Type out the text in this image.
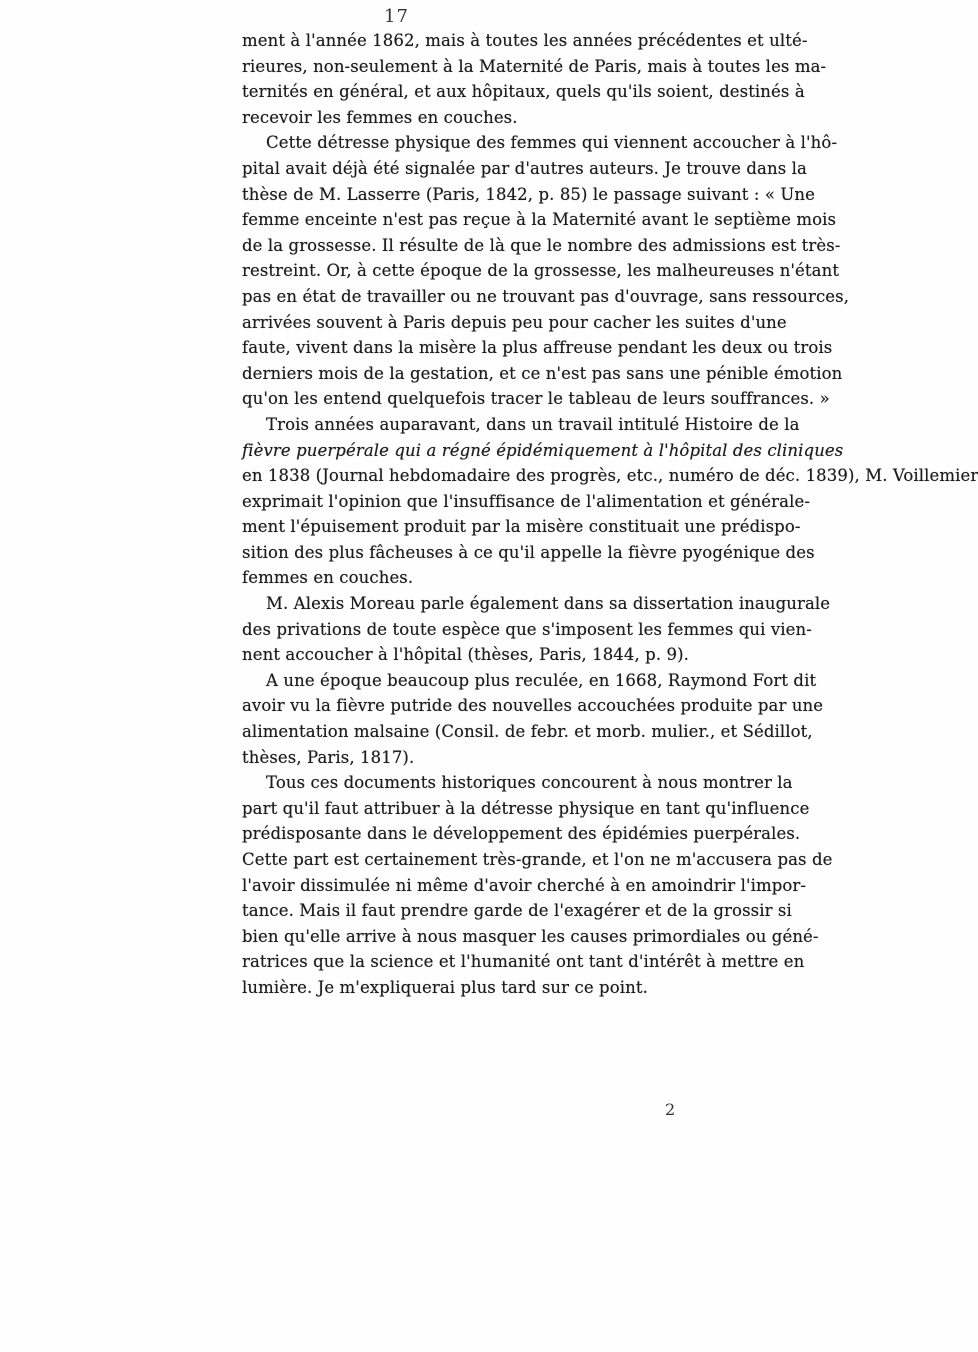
17
ment à l'année 1862, mais à toutes les années précédentes et ulté-
rieures, non-seulement à la Maternité de Paris, mais à toutes les ma-
ternités en général, et aux hôpitaux, quels qu'ils soient, destinés à
recevoir les femmes en couches.
Cette détresse physique des femmes qui viennent accoucher à l'hô-
pital avait déjà été signalée par d'autres auteurs. Je trouve dans la
thèse de M. Lasserre (Paris, 1842, p. 85) le passage suivant : « Une
femme enceinte n'est pas reçue à la Maternité avant le septième mois
de la grossesse. Il résulte de là que le nombre des admissions est très-
restreint. Or, à cette époque de la grossesse, les malheureuses n'étant
pas en état de travailler ou ne trouvant pas d'ouvrage, sans ressources,
arrivées souvent à Paris depuis peu pour cacher les suites d'une
faute, vivent dans la misère la plus affreuse pendant les deux ou trois
derniers mois de la gestation, et ce n'est pas sans une pénible émotion
qu'on les entend quelquefois tracer le tableau de leurs souffrances. »
Trois années auparavant, dans un travail intitulé Histoire de la
fièvre puerpérale qui a régné épidémiquement à l'hôpital des cliniques
en 1838 (Journal hebdomadaire des progrès, etc., numéro de déc. 1839), M. Voillemier
exprimait l'opinion que l'insuffisance de l'alimentation et générale-
ment l'épuisement produit par la misère constituait une prédispo-
sition des plus fâcheuses à ce qu'il appelle la fièvre pyogénique des
femmes en couches.
M. Alexis Moreau parle également dans sa dissertation inaugurale
des privations de toute espèce que s'imposent les femmes qui vien-
nent accoucher à l'hôpital (thèses, Paris, 1844, p. 9).
A une époque beaucoup plus reculée, en 1668, Raymond Fort dit
avoir vu la fièvre putride des nouvelles accouchées produite par une
alimentation malsaine (Consil. de febr. et morb. mulier., et Sédillot,
thèses, Paris, 1817).
Tous ces documents historiques concourent à nous montrer la
part qu'il faut attribuer à la détresse physique en tant qu'influence
prédisposante dans le développement des épidémies puerpérales.
Cette part est certainement très-grande, et l'on ne m'accusera pas de
l'avoir dissimulée ni même d'avoir cherché à en amoindrir l'impor-
tance. Mais il faut prendre garde de l'exagérer et de la grossir si
bien qu'elle arrive à nous masquer les causes primordiales ou géné-
ratrices que la science et l'humanité ont tant d'intérêt à mettre en
lumière. Je m'expliquerai plus tard sur ce point.
2
